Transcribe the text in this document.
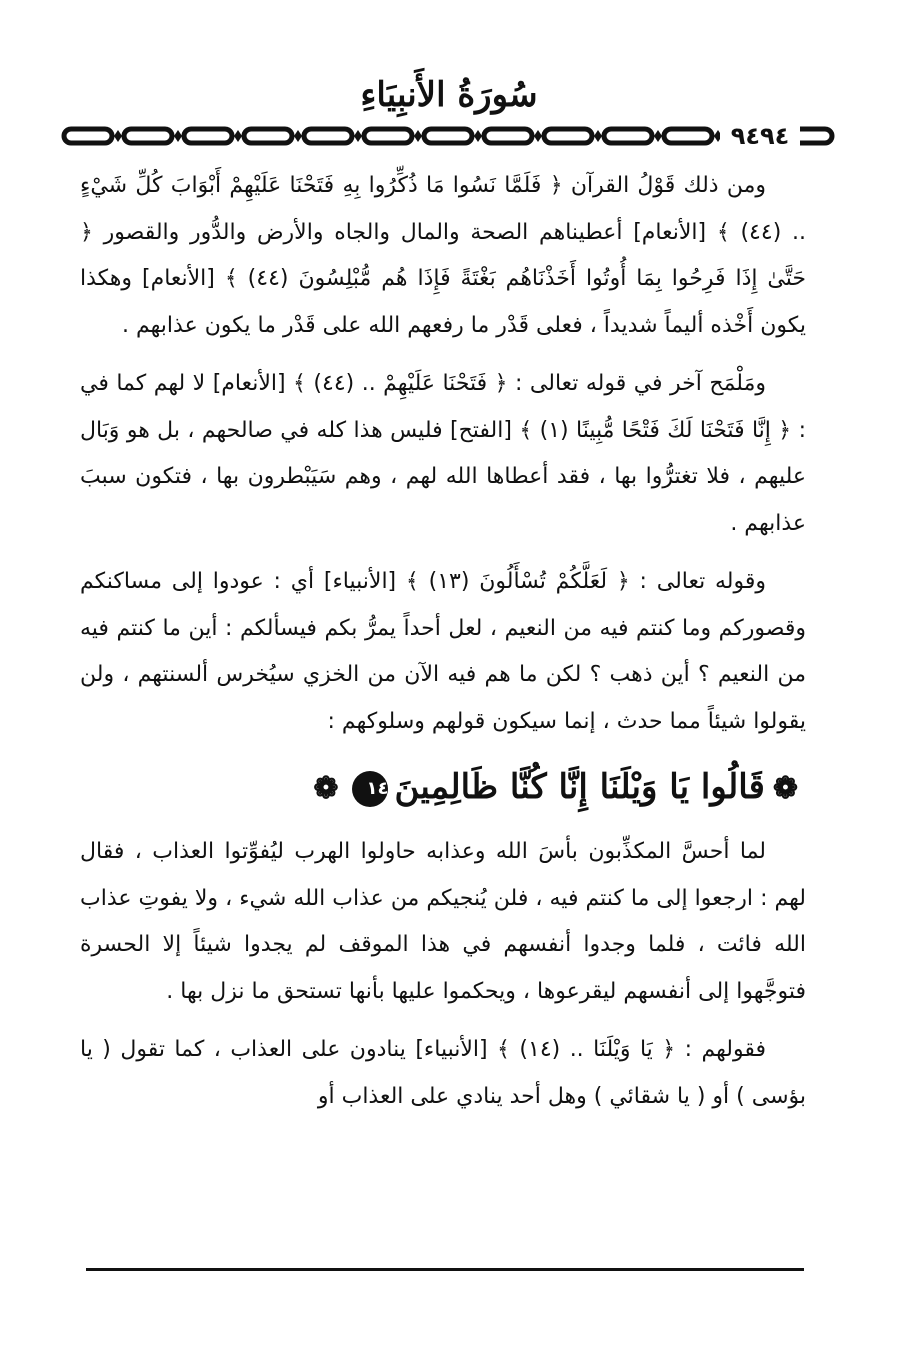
سُورَةُ الأَنبِيَاءِ
٩٤٩٤

ومن ذلك قَوْلُ القرآن ﴿ فَلَمَّا نَسُوا مَا ذُكِّرُوا بِهِ فَتَحْنَا عَلَيْهِمْ أَبْوَابَ كُلِّ شَيْءٍ .. (٤٤) ﴾ [الأنعام] أعطيناهم الصحة والمال والجاه والأرض والدُّور والقصور ﴿ حَتَّىٰ إِذَا فَرِحُوا بِمَا أُوتُوا أَخَذْنَاهُم بَغْتَةً فَإِذَا هُم مُّبْلِسُونَ (٤٤) ﴾ [الأنعام] وهكذا يكون أَخْذه أليماً شديداً ، فعلى قَدْر ما رفعهم الله على قَدْر ما يكون عذابهم .

ومَلْمَح آخر في قوله تعالى : ﴿ فَتَحْنَا عَلَيْهِمْ .. (٤٤) ﴾ [الأنعام] لا لهم كما في : ﴿ إِنَّا فَتَحْنَا لَكَ فَتْحًا مُّبِينًا (١) ﴾ [الفتح] فليس هذا كله في صالحهم ، بل هو وَبَال عليهم ، فلا تغترُّوا بها ، فقد أعطاها الله لهم ، وهم سَيَبْطرون بها ، فتكون سببَ عذابهم .

وقوله تعالى : ﴿ لَعَلَّكُمْ تُسْأَلُونَ (١٣) ﴾ [الأنبياء] أي : عودوا إلى مساكنكم وقصوركم وما كنتم فيه من النعيم ، لعل أحداً يمرُّ بكم فيسألكم : أين ما كنتم فيه من النعيم ؟ أين ذهب ؟ لكن ما هم فيه الآن من الخزي سيُخرس ألسنتهم ، ولن يقولوا شيئاً مما حدث ، إنما سيكون قولهم وسلوكهم :

❁قَالُوا يَا وَيْلَنَا إِنَّا كُنَّا ظَالِمِينَ١٤❁

لما أحسَّ المكذِّبون بأسَ الله وعذابه حاولوا الهرب ليُفوِّتوا العذاب ، فقال لهم : ارجعوا إلى ما كنتم فيه ، فلن يُنجيكم من عذاب الله شيء ، ولا يفوتِ عذاب الله فائت ، فلما وجدوا أنفسهم في هذا الموقف لم يجدوا شيئاً إلا الحسرة فتوجَّهوا إلى أنفسهم ليقرعوها ، ويحكموا عليها بأنها تستحق ما نزل بها .

فقولهم : ﴿ يَا وَيْلَنَا .. (١٤) ﴾ [الأنبياء] ينادون على العذاب ، كما تقول ( يا بؤسى ) أو ( يا شقائي ) وهل أحد ينادي على العذاب أو
